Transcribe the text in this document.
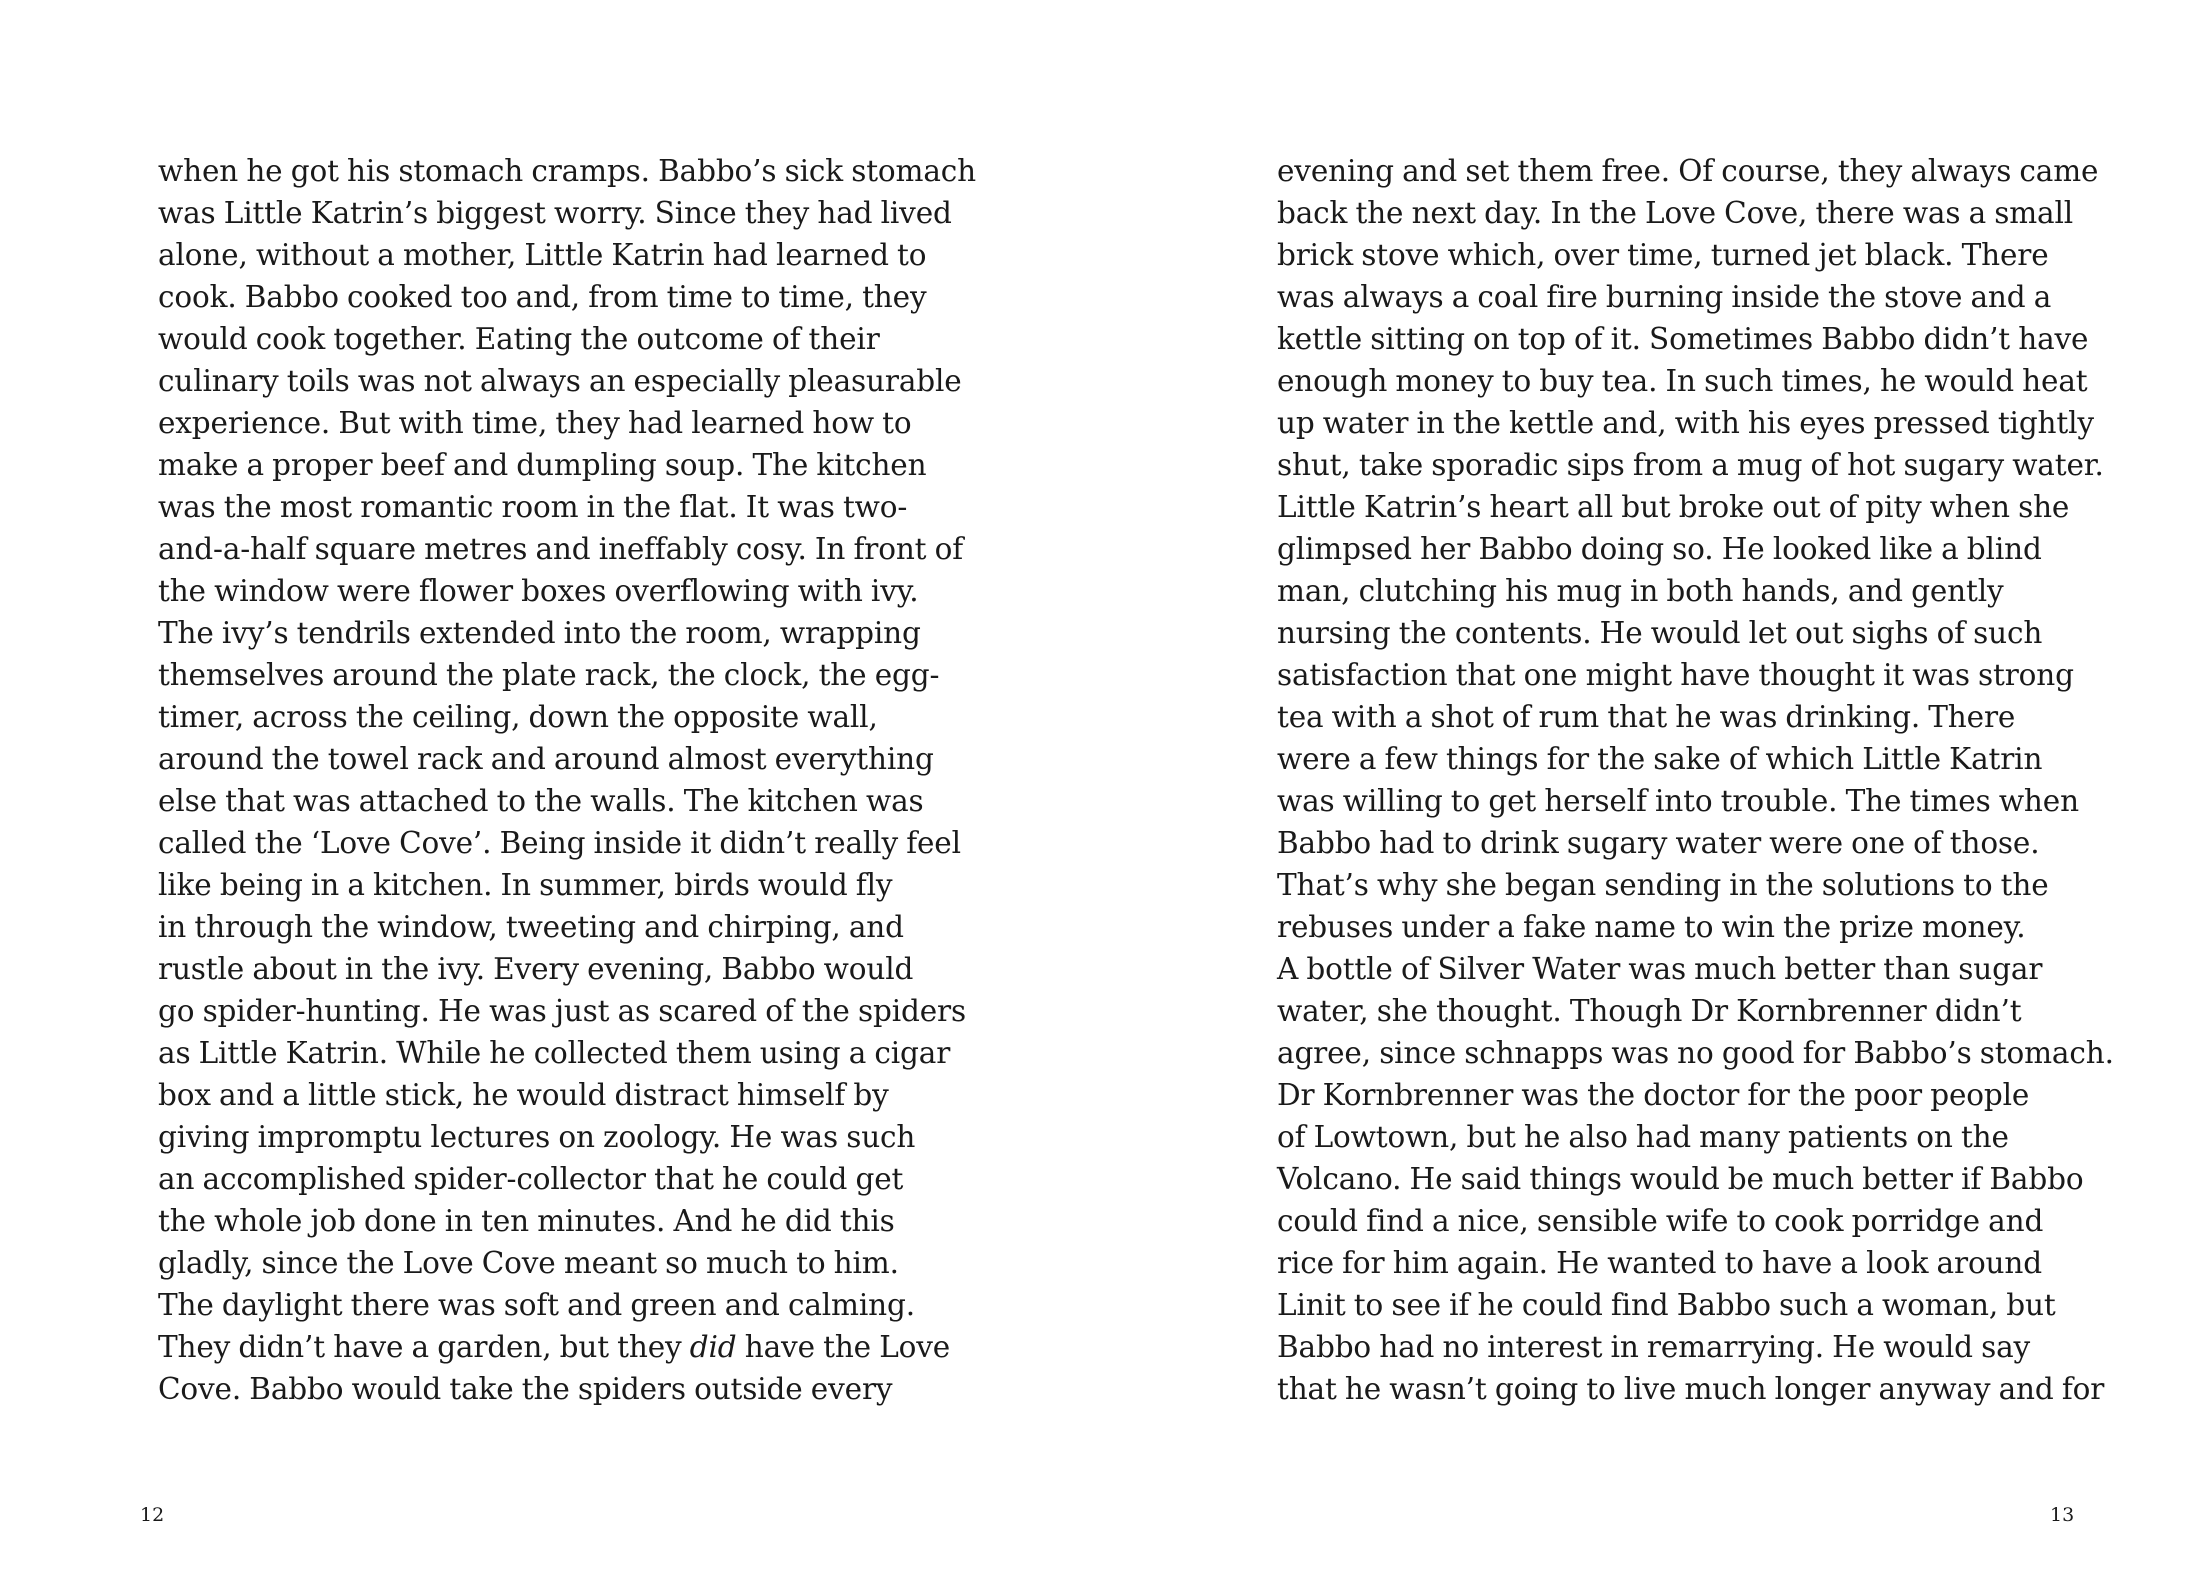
when he got his stomach cramps. Babbo’s sick stomach
was Little Katrin’s biggest worry. Since they had lived
alone, without a mother, Little Katrin had learned to
cook. Babbo cooked too and, from time to time, they
would cook together. Eating the outcome of their
culinary toils was not always an especially pleasurable
experience. But with time, they had learned how to
make a proper beef and dumpling soup. The kitchen
was the most romantic room in the flat. It was two-
and-a-half square metres and ineffably cosy. In front of
the window were flower boxes overflowing with ivy.
The ivy’s tendrils extended into the room, wrapping
themselves around the plate rack, the clock, the egg-
timer, across the ceiling, down the opposite wall,
around the towel rack and around almost everything
else that was attached to the walls. The kitchen was
called the ‘Love Cove’. Being inside it didn’t really feel
like being in a kitchen. In summer, birds would fly
in through the window, tweeting and chirping, and
rustle about in the ivy. Every evening, Babbo would
go spider-hunting. He was just as scared of the spiders
as Little Katrin. While he collected them using a cigar
box and a little stick, he would distract himself by
giving impromptu lectures on zoology. He was such
an accomplished spider-collector that he could get
the whole job done in ten minutes. And he did this
gladly, since the Love Cove meant so much to him.
The daylight there was soft and green and calming.
They didn’t have a garden, but they did have the Love
Cove. Babbo would take the spiders outside every
12
evening and set them free. Of course, they always came
back the next day. In the Love Cove, there was a small
brick stove which, over time, turned jet black. There
was always a coal fire burning inside the stove and a
kettle sitting on top of it. Sometimes Babbo didn’t have
enough money to buy tea. In such times, he would heat
up water in the kettle and, with his eyes pressed tightly
shut, take sporadic sips from a mug of hot sugary water.
Little Katrin’s heart all but broke out of pity when she
glimpsed her Babbo doing so. He looked like a blind
man, clutching his mug in both hands, and gently
nursing the contents. He would let out sighs of such
satisfaction that one might have thought it was strong
tea with a shot of rum that he was drinking. There
were a few things for the sake of which Little Katrin
was willing to get herself into trouble. The times when
Babbo had to drink sugary water were one of those.
That’s why she began sending in the solutions to the
rebuses under a fake name to win the prize money.
A bottle of Silver Water was much better than sugar
water, she thought. Though Dr Kornbrenner didn’t
agree, since schnapps was no good for Babbo’s stomach.
Dr Kornbrenner was the doctor for the poor people
of Lowtown, but he also had many patients on the
Volcano. He said things would be much better if Babbo
could find a nice, sensible wife to cook porridge and
rice for him again. He wanted to have a look around
Linit to see if he could find Babbo such a woman, but
Babbo had no interest in remarrying. He would say
that he wasn’t going to live much longer anyway and for
13
